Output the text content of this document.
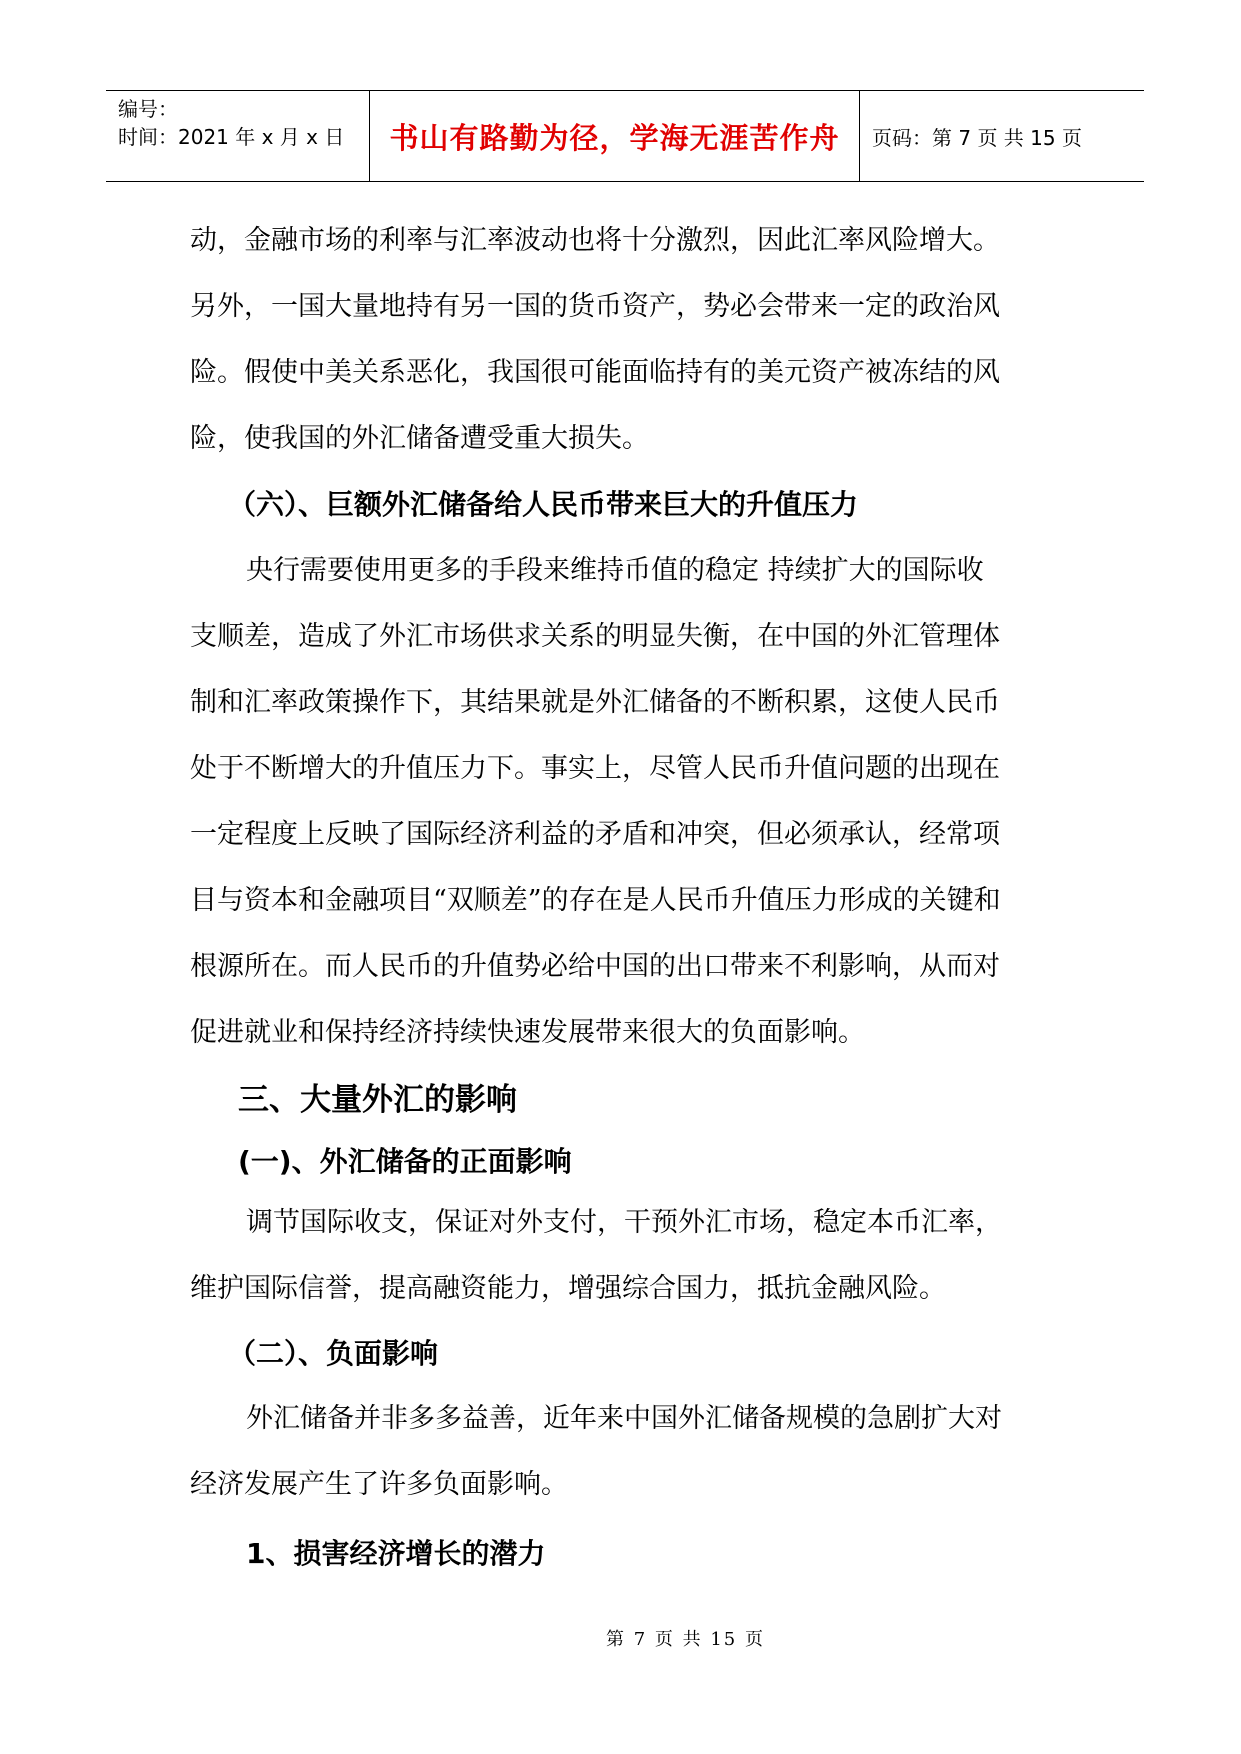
编号：
时间：2021 年 x 月 x 日	书山有路勤为径，学海无涯苦作舟	页码：第 7 页 共 15 页

动，金融市场的利率与汇率波动也将十分激烈，因此汇率风险增大。

另外，一国大量地持有另一国的货币资产，势必会带来一定的政治风

险。假使中美关系恶化，我国很可能面临持有的美元资产被冻结的风

险，使我国的外汇储备遭受重大损失。

（六）、巨额外汇储备给人民币带来巨大的升值压力

央行需要使用更多的手段来维持币值的稳定 持续扩大的国际收

支顺差，造成了外汇市场供求关系的明显失衡，在中国的外汇管理体

制和汇率政策操作下，其结果就是外汇储备的不断积累，这使人民币

处于不断增大的升值压力下。事实上，尽管人民币升值问题的出现在

一定程度上反映了国际经济利益的矛盾和冲突，但必须承认，经常项

目与资本和金融项目“双顺差”的存在是人民币升值压力形成的关键和

根源所在。而人民币的升值势必给中国的出口带来不利影响，从而对

促进就业和保持经济持续快速发展带来很大的负面影响。

三、大量外汇的影响

(一)、外汇储备的正面影响

调节国际收支，保证对外支付，干预外汇市场，稳定本币汇率，

维护国际信誉，提高融资能力，增强综合国力，抵抗金融风险。

（二）、负面影响

外汇储备并非多多益善，近年来中国外汇储备规模的急剧扩大对

经济发展产生了许多负面影响。

1、损害经济增长的潜力

第 7 页 共 15 页
